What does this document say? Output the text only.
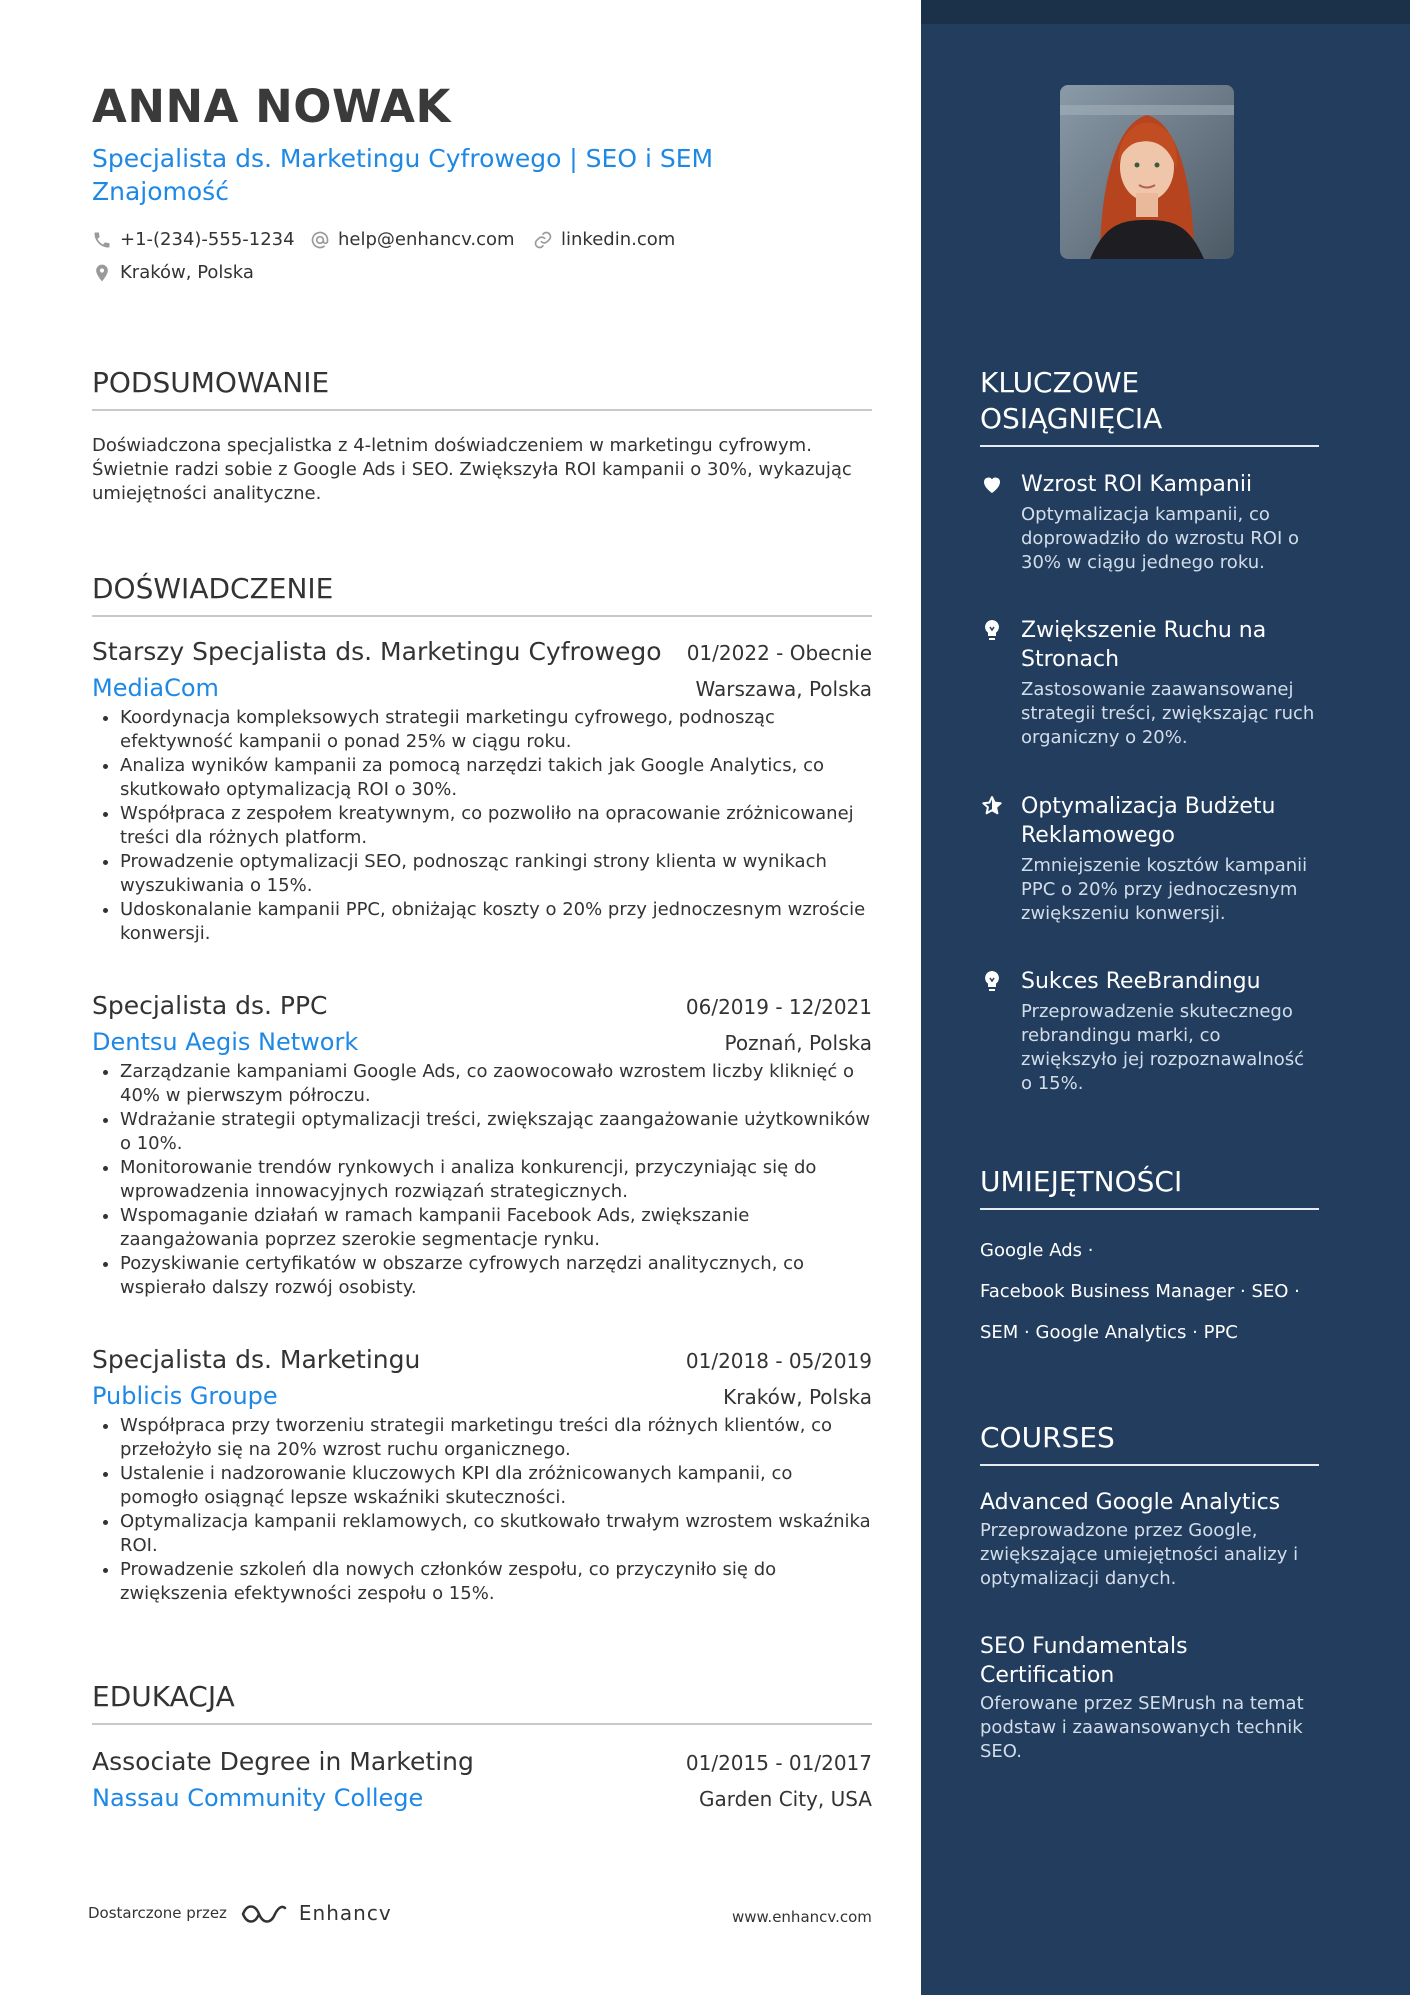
ANNA NOWAK
Specjalista ds. Marketingu Cyfrowego | SEO i SEM Znajomość
+1-(234)-555-1234 help@enhancv.com	linkedin.com
Kraków, Polska
PODSUMOWANIE
Doświadczona specjalistka z 4-letnim doświadczeniem w marketingu cyfrowym. Świetnie radzi sobie z Google Ads i SEO. Zwiększyła ROI kampanii o 30%, wykazując umiejętności analityczne.
DOŚWIADCZENIE
Starszy Specjalista ds. Marketingu Cyfrowego 01/2022 - Obecnie
MediaCom	Warszawa, Polska
• Koordynacja kompleksowych strategii marketingu cyfrowego, podnosząc efektywność kampanii o ponad 25% w ciągu roku.
• Analiza wyników kampanii za pomocą narzędzi takich jak Google Analytics, co skutkowało optymalizacją ROI o 30%.
• Współpraca z zespołem kreatywnym, co pozwoliło na opracowanie zróżnicowanej treści dla różnych platform.
• Prowadzenie optymalizacji SEO, podnosząc rankingi strony klienta w wynikach wyszukiwania o 15%.
• Udoskonalanie kampanii PPC, obniżając koszty o 20% przy jednoczesnym wzroście konwersji.
Specjalista ds. PPC	06/2019 - 12/2021
Dentsu Aegis Network	Poznań, Polska
• Zarządzanie kampaniami Google Ads, co zaowocowało wzrostem liczby kliknięć o 40% w pierwszym półroczu.
• Wdrażanie strategii optymalizacji treści, zwiększając zaangażowanie użytkowników o 10%.
• Monitorowanie trendów rynkowych i analiza konkurencji, przyczyniając się do wprowadzenia innowacyjnych rozwiązań strategicznych.
• Wspomaganie działań w ramach kampanii Facebook Ads, zwiększanie zaangażowania poprzez szerokie segmentacje rynku.
• Pozyskiwanie certyfikatów w obszarze cyfrowych narzędzi analitycznych, co wspierało dalszy rozwój osobisty.
Specjalista ds. Marketingu	01/2018 - 05/2019
Publicis Groupe	Kraków, Polska
• Współpraca przy tworzeniu strategii marketingu treści dla różnych klientów, co przełożyło się na 20% wzrost ruchu organicznego.
• Ustalenie i nadzorowanie kluczowych KPI dla zróżnicowanych kampanii, co pomogło osiągnąć lepsze wskaźniki skuteczności.
• Optymalizacja kampanii reklamowych, co skutkowało trwałym wzrostem wskaźnika ROI.
• Prowadzenie szkoleń dla nowych członków zespołu, co przyczyniło się do zwiększenia efektywności zespołu o 15%.
EDUKACJA
Associate Degree in Marketing	01/2015 - 01/2017
Nassau Community College	Garden City, USA
Dostarczone przez	Enhancv	www.enhancv.com
KLUCZOWE OSIĄGNIĘCIA
Wzrost ROI Kampanii
Optymalizacja kampanii, co doprowadziło do wzrostu ROI o 30% w ciągu jednego roku.
Zwiększenie Ruchu na Stronach
Zastosowanie zaawansowanej strategii treści, zwiększając ruch organiczny o 20%.
Optymalizacja Budżetu Reklamowego
Zmniejszenie kosztów kampanii PPC o 20% przy jednoczesnym zwiększeniu konwersji.
Sukces ReeBrandingu
Przeprowadzenie skutecznego rebrandingu marki, co zwiększyło jej rozpoznawalność o 15%.
UMIEJĘTNOŚCI
Google Ads ·
Facebook Business Manager · SEO ·
SEM · Google Analytics · PPC
COURSES
Advanced Google Analytics
Przeprowadzone przez Google, zwiększające umiejętności analizy i optymalizacji danych.
SEO Fundamentals Certification
Oferowane przez SEMrush na temat podstaw i zaawansowanych technik SEO.
